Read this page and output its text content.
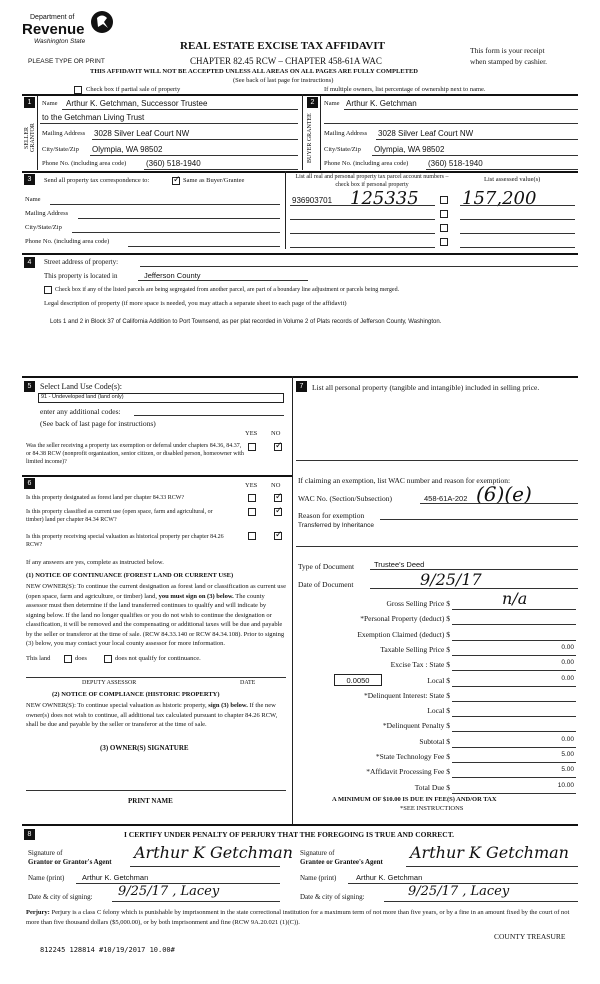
Department of
Revenue
Washington State
PLEASE TYPE OR PRINT
REAL ESTATE EXCISE TAX AFFIDAVIT
CHAPTER 82.45 RCW – CHAPTER 458-61A WAC
THIS AFFIDAVIT WILL NOT BE ACCEPTED UNLESS ALL AREAS ON ALL PAGES ARE FULLY COMPLETED
(See back of last page for instructions)
This form is your receipt
when stamped by cashier.
Check box if partial sale of property	If multiple owners, list percentage of ownership next to name.
1
SELLER GRANTOR
Name Arthur K. Getchman, Successor Trustee
to the Getchman Living Trust
Mailing Address 3028 Silver Leaf Court NW
City/State/Zip Olympia, WA 98502
Phone No. (including area code) (360) 518-1940
2
BUYER GRANTEE
Name Arthur K. Getchman
Mailing Address 3028 Silver Leaf Court NW
City/State/Zip Olympia, WA 98502
Phone No. (including area code) (360) 518-1940
3	Send all property tax correspondence to:
✓	Same as Buyer/Grantee
Name
Mailing Address
City/State/Zip
Phone No. (including area code)
List all real and personal property tax parcel account numbers – check box if personal property
List assessed value(s)
936903701 125335 157,200
4	Street address of property:
This property is located in	Jefferson County
Check box if any of the listed parcels are being segregated from another parcel, are part of a boundary line adjustment or parcels being merged.
Legal description of property (if more space is needed, you may attach a separate sheet to each page of the affidavit)
Lots 1 and 2 in Block 37 of California Addition to Port Townsend, as per plat recorded in Volume 2 of Plats records of Jefferson County, Washington.
5	Select Land Use Code(s):
91 - Undeveloped land (land only)
enter any additional codes:
(See back of last page for instructions)
YES NO
Was the seller receiving a property tax exemption or deferral under chapters 84.36, 84.37, or 84.38 RCW (nonprofit organization, senior citizen, or disabled person, homeowner with limited income)?
✓
6	YES NO
Is this property designated as forest land per chapter 84.33 RCW?
✓
Is this property classified as current use (open space, farm and agricultural, or timber) land per chapter 84.34 RCW?
✓
Is this property receiving special valuation as historical property per chapter 84.26 RCW?
✓
If any answers are yes, complete as instructed below.
(1) NOTICE OF CONTINUANCE (FOREST LAND OR CURRENT USE)
NEW OWNER(S): To continue the current designation as forest land or classification as current use (open space, farm and agriculture, or timber) land, you must sign on (3) below. The county assessor must then determine if the land transferred continues to qualify and will indicate by signing below. If the land no longer qualifies or you do not wish to continue the designation or classification, it will be removed and the compensating or additional taxes will be due and payable by the seller or transferor at the time of sale. (RCW 84.33.140 or RCW 84.34.108). Prior to signing (3) below, you may contact your local county assessor for more information.
This land	does	does not qualify for continuance.
DEPUTY ASSESSOR	DATE
(2) NOTICE OF COMPLIANCE (HISTORIC PROPERTY)
NEW OWNER(S): To continue special valuation as historic property, sign (3) below. If the new owner(s) does not wish to continue, all additional tax calculated pursuant to chapter 84.26 RCW, shall be due and payable by the seller or transferor at the time of sale.
(3) OWNER(S) SIGNATURE
PRINT NAME
7	List all personal property (tangible and intangible) included in selling price.
If claiming an exemption, list WAC number and reason for exemption:
WAC No. (Section/Subsection)	458-61A-202 (6)(e)
Reason for exemption
Transferred by Inheritance
Type of Document	Trustee's Deed
Date of Document	9/25/17
Gross Selling Price $	n/a
*Personal Property (deduct) $
Exemption Claimed (deduct) $
Taxable Selling Price $	0.00
Excise Tax : State $	0.00
Local $	0.00
0.0050
*Delinquent Interest: State $
Local $
*Delinquent Penalty $
Subtotal $	0.00
*State Technology Fee $	5.00
*Affidavit Processing Fee $	5.00
Total Due $	10.00
A MINIMUM OF $10.00 IS DUE IN FEE(S) AND/OR TAX
*SEE INSTRUCTIONS
8	I CERTIFY UNDER PENALTY OF PERJURY THAT THE FOREGOING IS TRUE AND CORRECT.
Signature of
Grantor or Grantor's Agent Arthur K Getchman Signature of
Grantee or Grantee's Agent Arthur K Getchman
Name (print) Arthur K. Getchman	Name (print)	Arthur K. Getchman
Date & city of signing: 9/25/17 , Lacey	Date & city of signing:	9/25/17 , Lacey
Perjury: Perjury is a class C felony which is punishable by imprisonment in the state correctional institution for a maximum term of not more than five years, or by a fine in an amount fixed by the court of not more than five thousand dollars ($5,000.00), or by both imprisonment and fine (RCW 9A.20.021 (1)(C)).
COUNTY TREASURE
812245 128814 #10/19/2017 10.00#
